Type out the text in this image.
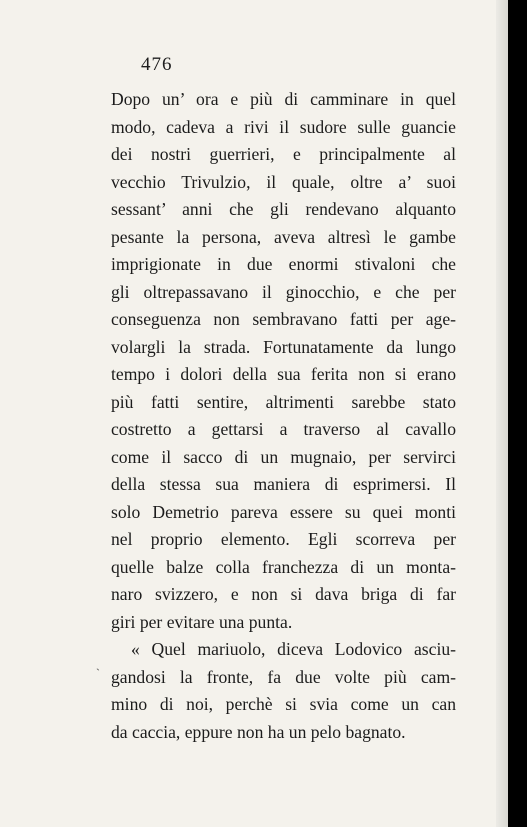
476
Dopo un’ ora e più di camminare in quel
modo, cadeva a rivi il sudore sulle guancie
dei nostri guerrieri, e principalmente al
vecchio Trivulzio, il quale, oltre a’ suoi
sessant’ anni che gli rendevano alquanto
pesante la persona, aveva altresì le gambe
imprigionate in due enormi stivaloni che
gli oltrepassavano il ginocchio, e che per
conseguenza non sembravano fatti per age-
volargli la strada. Fortunatamente da lungo
tempo i dolori della sua ferita non si erano
più fatti sentire, altrimenti sarebbe stato
costretto a gettarsi a traverso al cavallo
come il sacco di un mugnaio, per servirci
della stessa sua maniera di esprimersi. Il
solo Demetrio pareva essere su quei monti
nel proprio elemento. Egli scorreva per
quelle balze colla franchezza di un monta-
naro svizzero, e non si dava briga di far
giri per evitare una punta.
« Quel mariuolo, diceva Lodovico asciu-
gandosi la fronte, fa due volte più cam-
mino di noi, perchè si svia come un can
da caccia, eppure non ha un pelo bagnato.
`
